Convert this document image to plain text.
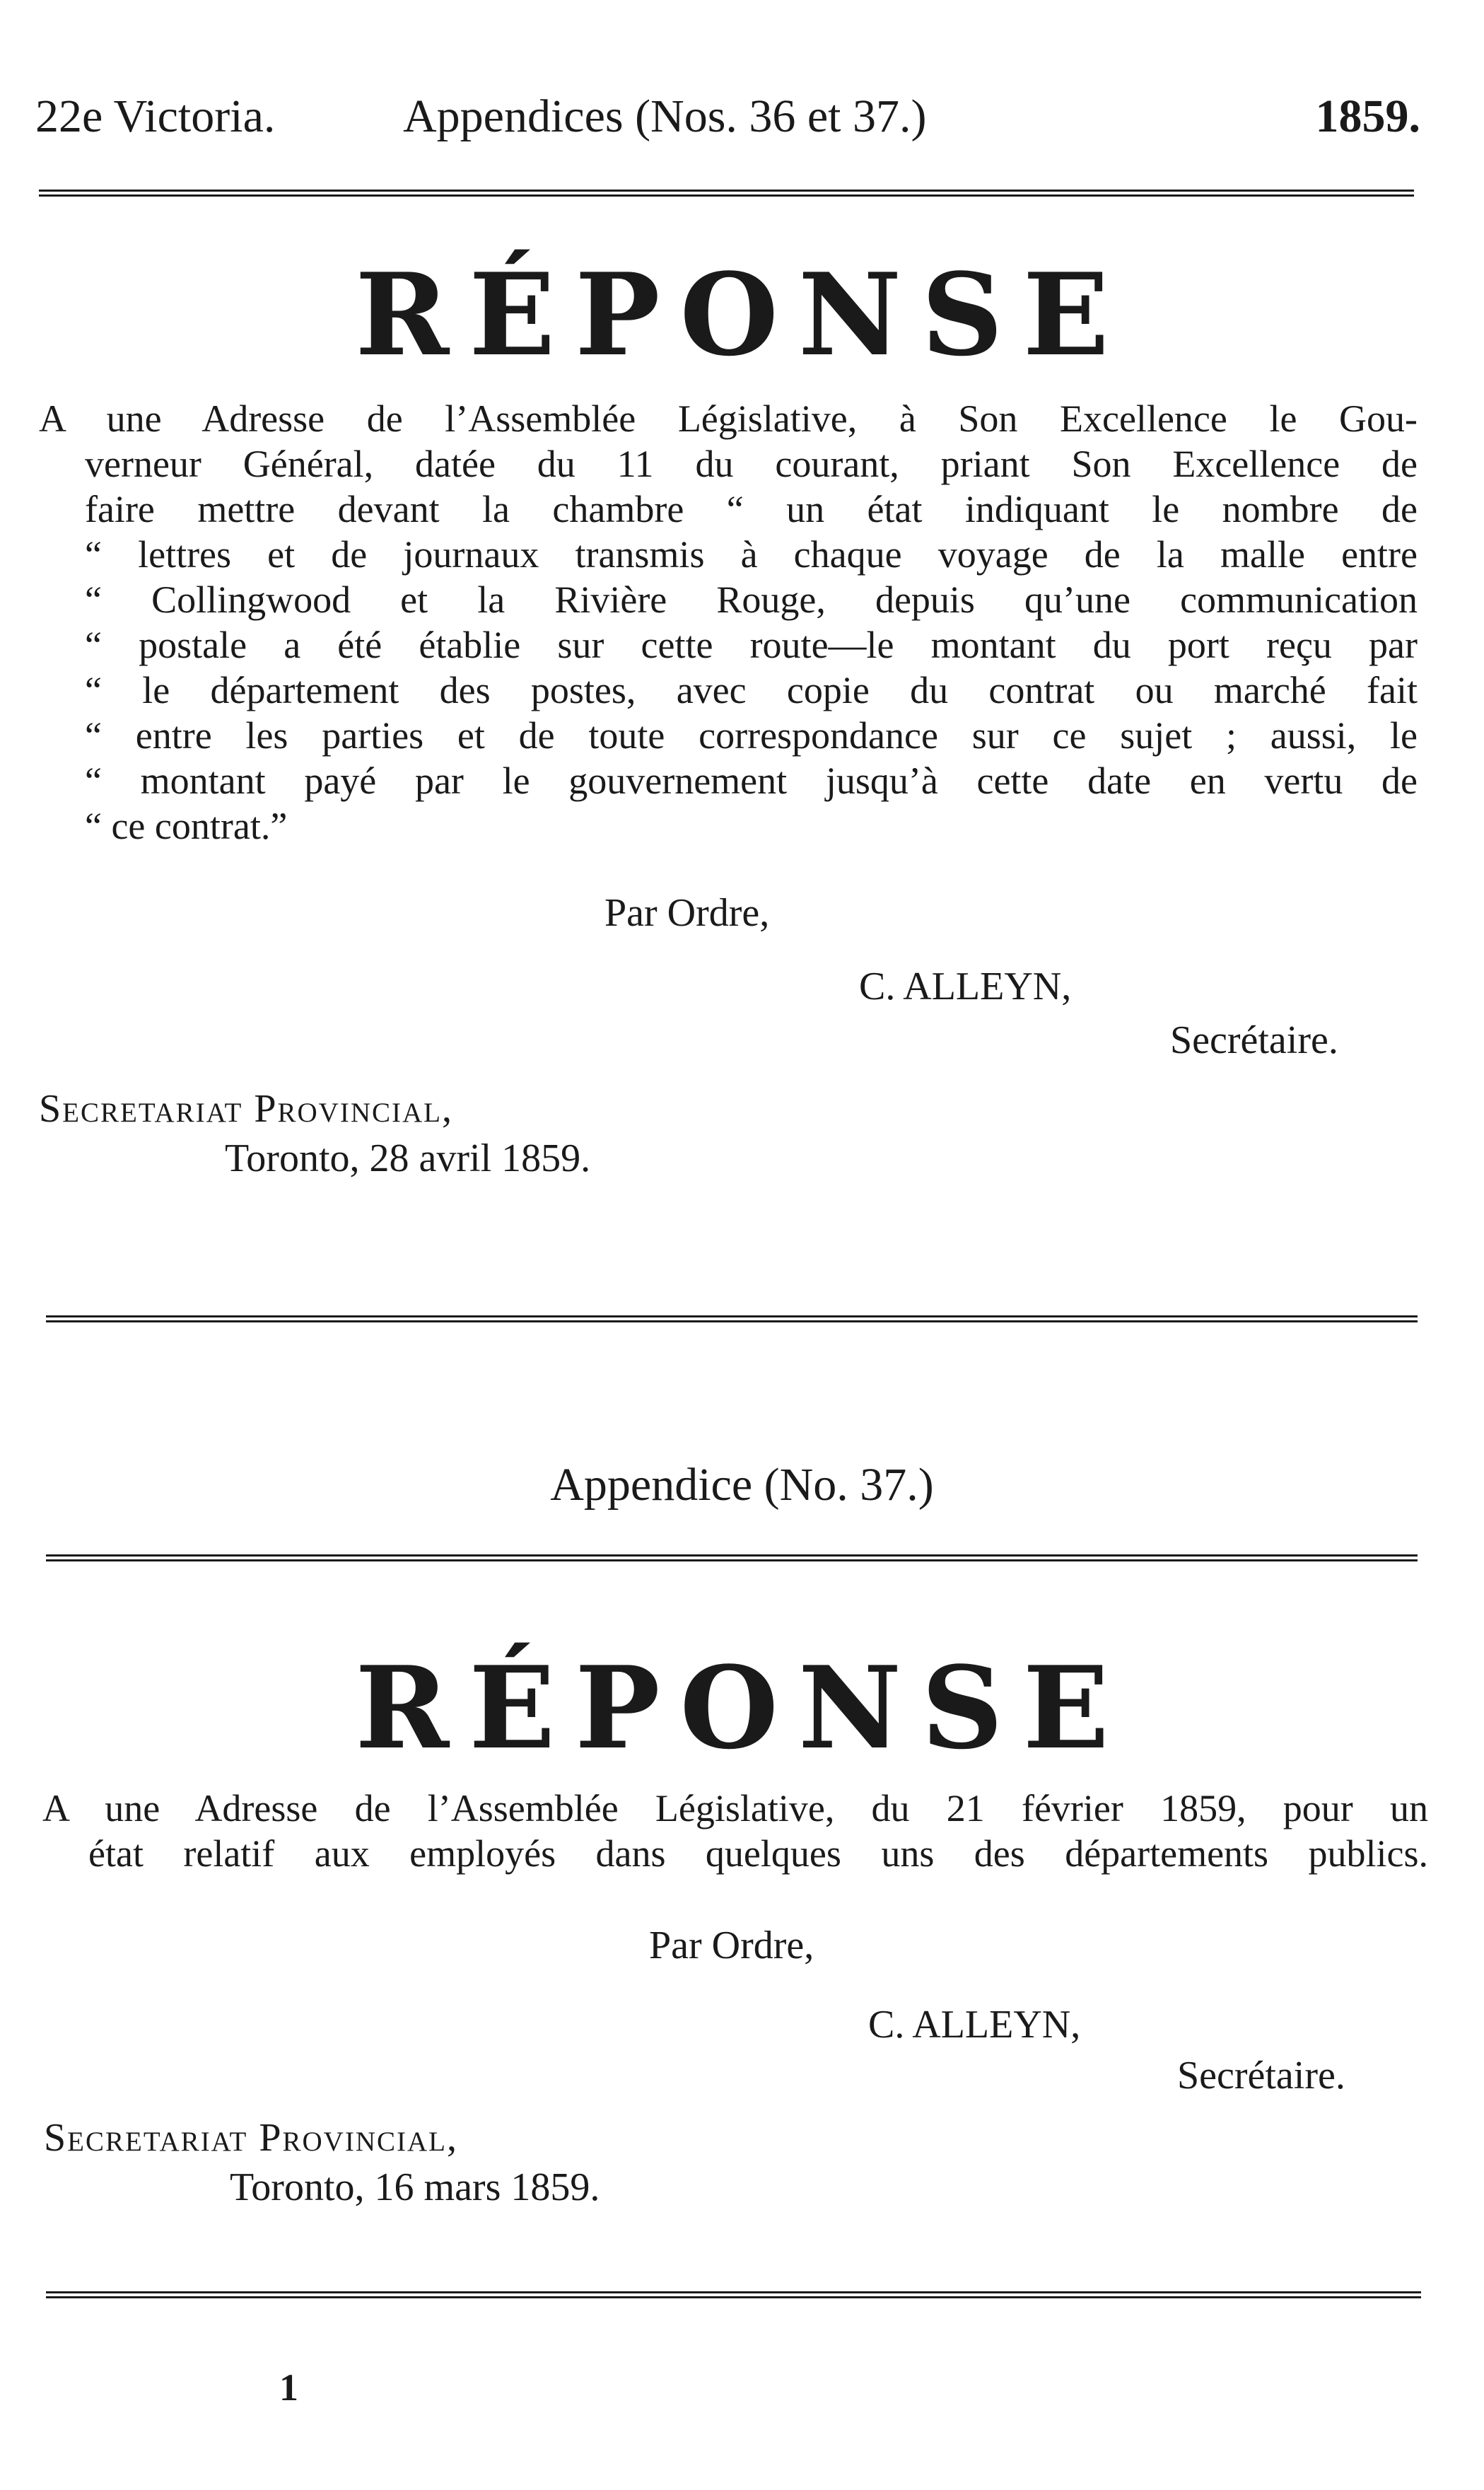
22e Victoria.	Appendices (Nos. 36 et 37.)	1859.
RÉPONSE
A une Adresse de l’Assemblée Législative, à Son Excellence le Gou-
verneur Général, datée du 11 du courant, priant Son Excellence de
faire mettre devant la chambre “ un état indiquant le nombre de
“ lettres et de journaux transmis à chaque voyage de la malle entre
“ Collingwood et la Rivière Rouge, depuis qu’une communication
“ postale a été établie sur cette route—le montant du port reçu par
“ le département des postes, avec copie du contrat ou marché fait
“ entre les parties et de toute correspondance sur ce sujet ; aussi, le
“ montant payé par le gouvernement jusqu’à cette date en vertu de
“ ce contrat.”
Par Ordre,
C. ALLEYN,
Secrétaire.
Secretariat Provincial,
Toronto, 28 avril 1859.
Appendice (No. 37.)
RÉPONSE
A une Adresse de l’Assemblée Législative, du 21 février 1859, pour un
état relatif aux employés dans quelques uns des départements publics.
Par Ordre,
C. ALLEYN,
Secrétaire.
Secretariat Provincial,
Toronto, 16 mars 1859.
1
